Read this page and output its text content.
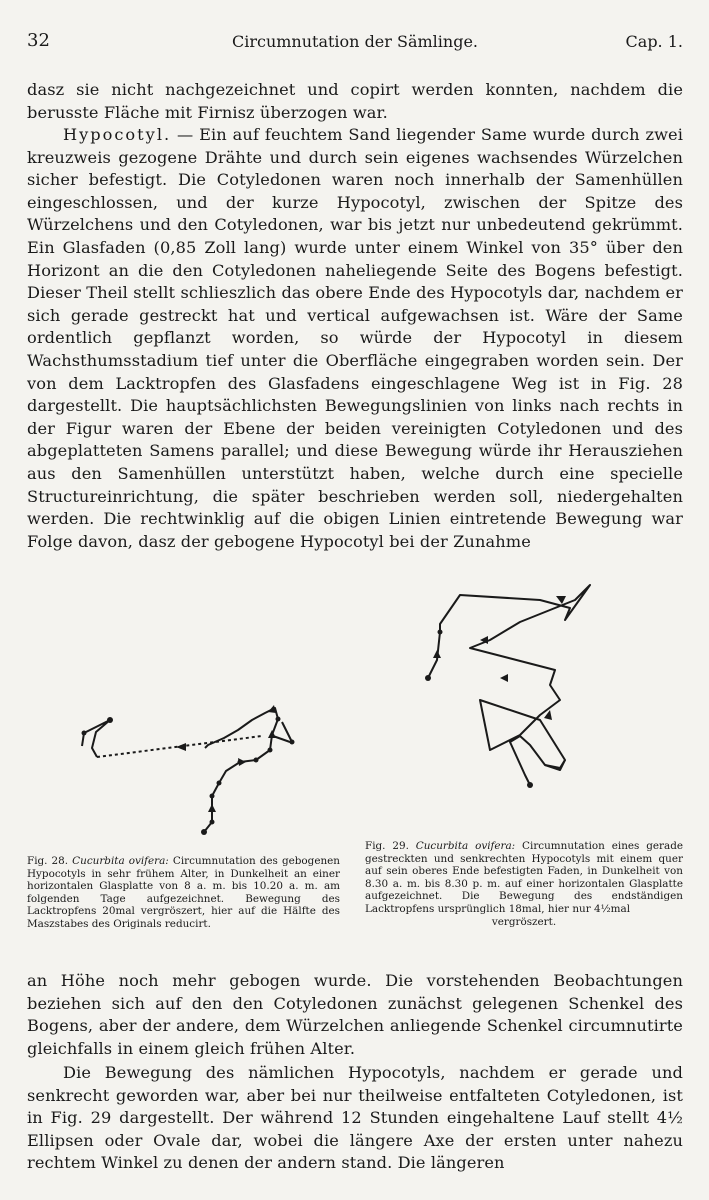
32	Circumnutation der Sämlinge.	Cap. 1.

dasz sie nicht nachgezeichnet und copirt werden konnten, nachdem die berusste Fläche mit Firnisz überzogen war.

Hypocotyl. — Ein auf feuchtem Sand liegender Same wurde durch zwei kreuzweis gezogene Drähte und durch sein eigenes wachsendes Würzelchen sicher befestigt. Die Cotyledonen waren noch innerhalb der Samenhüllen eingeschlossen, und der kurze Hypocotyl, zwischen der Spitze des Würzelchens und den Cotyledonen, war bis jetzt nur unbedeutend gekrümmt. Ein Glasfaden (0,85 Zoll lang) wurde unter einem Winkel von 35° über den Horizont an die den Cotyledonen naheliegende Seite des Bogens befestigt. Dieser Theil stellt schlieszlich das obere Ende des Hypocotyls dar, nachdem er sich gerade gestreckt hat und vertical aufgewachsen ist. Wäre der Same ordentlich gepflanzt worden, so würde der Hypocotyl in diesem Wachsthumsstadium tief unter die Oberfläche eingegraben worden sein. Der von dem Lacktropfen des Glasfadens eingeschlagene Weg ist in Fig. 28 dargestellt. Die hauptsächlichsten Bewegungslinien von links nach rechts in der Figur waren der Ebene der beiden vereinigten Cotyledonen und des abgeplatteten Samens parallel; und diese Bewegung würde ihr Herausziehen aus den Samenhüllen unterstützt haben, welche durch eine specielle Structureinrichtung, die später beschrieben werden soll, niedergehalten werden. Die rechtwinklig auf die obigen Linien eintretende Bewegung war Folge davon, dasz der gebogene Hypocotyl bei der Zunahme

Fig. 28. Cucurbita ovifera: Circumnutation des gebogenen Hypocotyls in sehr frühem Alter, in Dunkelheit an einer horizontalen Glasplatte von 8 a. m. bis 10.20 a. m. am folgenden Tage aufgezeichnet. Bewegung des Lacktropfens 20mal vergröszert, hier auf die Hälfte des Maszstabes des Originals reducirt.

Fig. 29. Cucurbita ovifera: Circumnutation eines gerade gestreckten und senkrechten Hypocotyls mit einem quer auf sein oberes Ende befestigten Faden, in Dunkelheit von 8.30 a. m. bis 8.30 p. m. auf einer horizontalen Glasplatte aufgezeichnet. Die Bewegung des endständigen Lacktropfens ursprünglich 18mal, hier nur 4½mal
vergröszert.

an Höhe noch mehr gebogen wurde. Die vorstehenden Beobachtungen beziehen sich auf den den Cotyledonen zunächst gelegenen Schenkel des Bogens, aber der andere, dem Würzelchen anliegende Schenkel circumnutirte gleichfalls in einem gleich frühen Alter.

Die Bewegung des nämlichen Hypocotyls, nachdem er gerade und senkrecht geworden war, aber bei nur theilweise entfalteten Cotyledonen, ist in Fig. 29 dargestellt. Der während 12 Stunden eingehaltene Lauf stellt 4½ Ellipsen oder Ovale dar, wobei die längere Axe der ersten unter nahezu rechtem Winkel zu denen der andern stand. Die längeren
